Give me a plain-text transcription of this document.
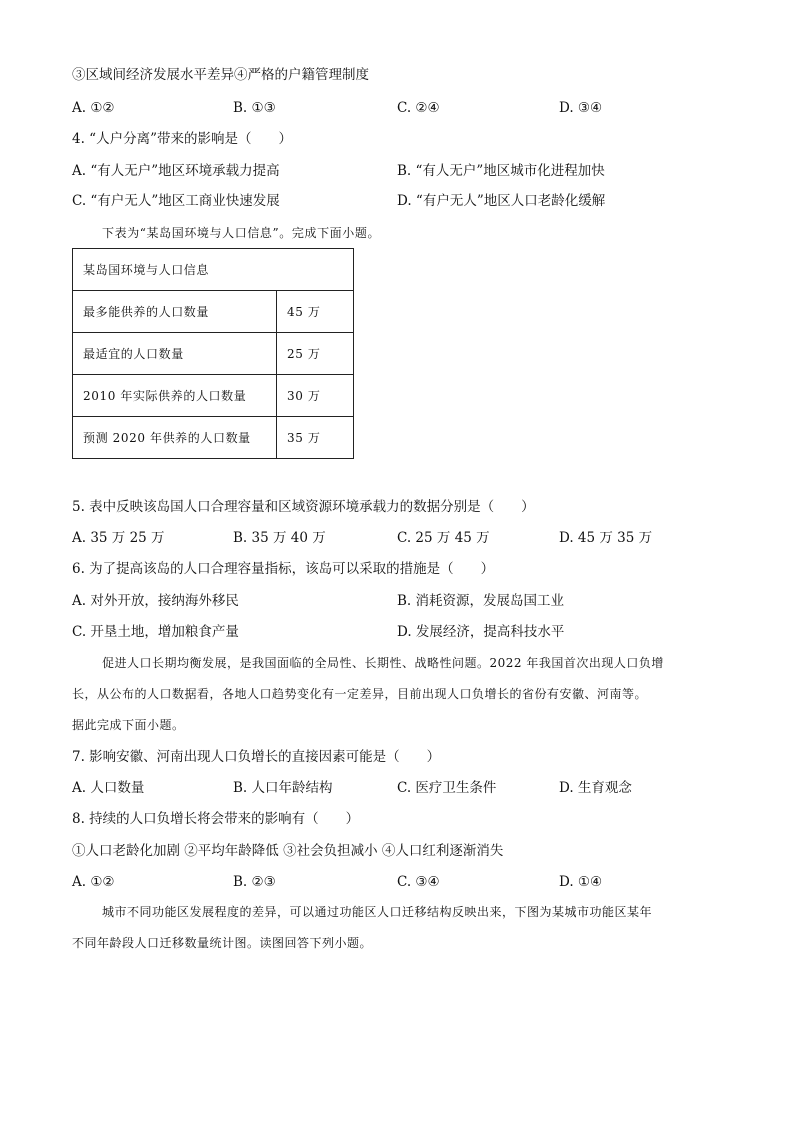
③区域间经济发展水平差异④严格的户籍管理制度
A. ①②	B. ①③	C. ②④	D. ③④
4. “人户分离”带来的影响是（　　）
A. “有人无户”地区环境承载力提高	B. “有人无户”地区城市化进程加快
C. “有户无人”地区工商业快速发展	D. “有户无人”地区人口老龄化缓解
下表为“某岛国环境与人口信息”。完成下面小题。
某岛国环境与人口信息	
最多能供养的人口数量	45 万
最适宜的人口数量	25 万
2010 年实际供养的人口数量	30 万
预测 2020 年供养的人口数量	35 万
5. 表中反映该岛国人口合理容量和区域资源环境承载力的数据分别是（　　）
A. 35 万 25 万	B. 35 万 40 万	C. 25 万 45 万	D. 45 万 35 万
6. 为了提高该岛的人口合理容量指标，该岛可以采取的措施是（　　）
A. 对外开放，接纳海外移民	B. 消耗资源，发展岛国工业
C. 开垦土地，增加粮食产量	D. 发展经济，提高科技水平

促进人口长期均衡发展，是我国面临的全局性、长期性、战略性问题。2022 年我国首次出现人口负增

长，从公布的人口数据看，各地人口趋势变化有一定差异，目前出现人口负增长的省份有安徽、河南等。

据此完成下面小题。

7. 影响安徽、河南出现人口负增长的直接因素可能是（　　）
A. 人口数量	B. 人口年龄结构	C. 医疗卫生条件	D. 生育观念
8. 持续的人口负增长将会带来的影响有（　　）
①人口老龄化加剧 ②平均年龄降低 ③社会负担减小 ④人口红利逐渐消失
A. ①②	B. ②③	C. ③④	D. ①④

城市不同功能区发展程度的差异，可以通过功能区人口迁移结构反映出来，下图为某城市功能区某年

不同年龄段人口迁移数量统计图。读图回答下列小题。
